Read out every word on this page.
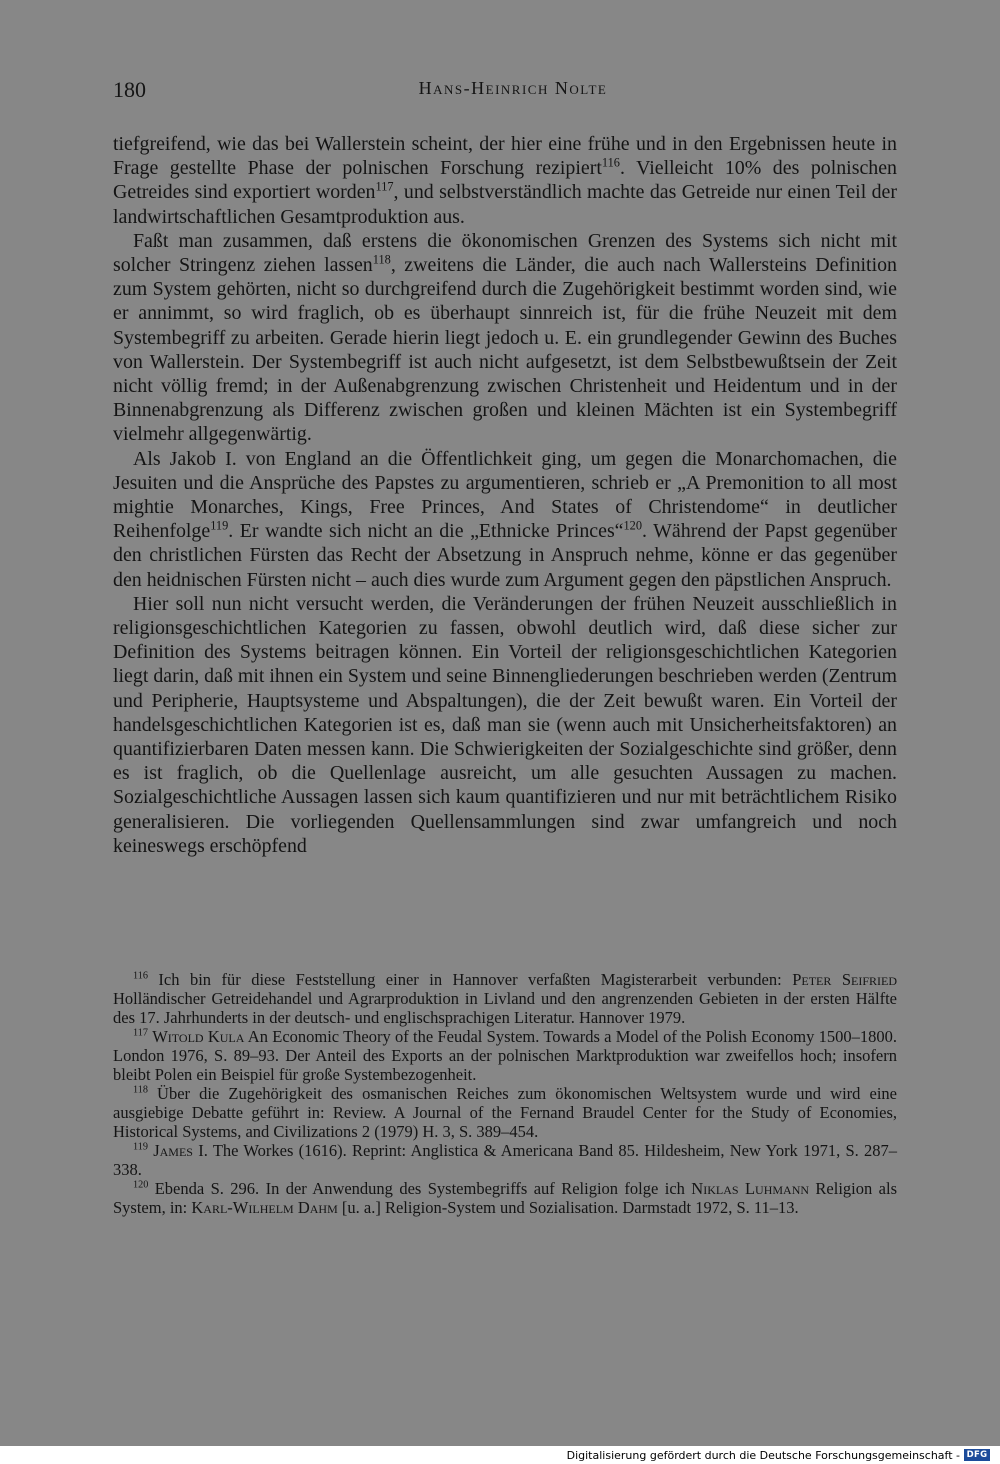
180	Hans-Heinrich Nolte

tiefgreifend, wie das bei Wallerstein scheint, der hier eine frühe und in den Ergebnissen heute in Frage gestellte Phase der polnischen Forschung rezipiert$^{116}$. Vielleicht 10% des polnischen Getreides sind exportiert worden$^{117}$, und selbstverständlich machte das Getreide nur einen Teil der landwirtschaftlichen Gesamtproduktion aus.

Faßt man zusammen, daß erstens die ökonomischen Grenzen des Systems sich nicht mit solcher Stringenz ziehen lassen$^{118}$, zweitens die Länder, die auch nach Wallersteins Definition zum System gehörten, nicht so durchgreifend durch die Zugehörigkeit bestimmt worden sind, wie er annimmt, so wird fraglich, ob es überhaupt sinnreich ist, für die frühe Neuzeit mit dem Systembegriff zu arbeiten. Gerade hierin liegt jedoch u. E. ein grundlegender Gewinn des Buches von Wallerstein. Der Systembegriff ist auch nicht aufgesetzt, ist dem Selbstbewußtsein der Zeit nicht völlig fremd; in der Außenabgrenzung zwischen Christenheit und Heidentum und in der Binnenabgrenzung als Differenz zwischen großen und kleinen Mächten ist ein Systembegriff vielmehr allgegenwärtig.

Als Jakob I. von England an die Öffentlichkeit ging, um gegen die Monarchomachen, die Jesuiten und die Ansprüche des Papstes zu argumentieren, schrieb er „A Premonition to all most mightie Monarches, Kings, Free Princes, And States of Christendome“ in deutlicher Reihenfolge$^{119}$. Er wandte sich nicht an die „Ethnicke Princes“$^{120}$. Während der Papst gegenüber den christlichen Fürsten das Recht der Absetzung in Anspruch nehme, könne er das gegenüber den heidnischen Fürsten nicht – auch dies wurde zum Argument gegen den päpstlichen Anspruch.

Hier soll nun nicht versucht werden, die Veränderungen der frühen Neuzeit ausschließlich in religionsgeschichtlichen Kategorien zu fassen, obwohl deutlich wird, daß diese sicher zur Definition des Systems beitragen können. Ein Vorteil der religionsgeschichtlichen Kategorien liegt darin, daß mit ihnen ein System und seine Binnengliederungen beschrieben werden (Zentrum und Peripherie, Hauptsysteme und Abspaltungen), die der Zeit bewußt waren. Ein Vorteil der handelsgeschichtlichen Kategorien ist es, daß man sie (wenn auch mit Unsicherheitsfaktoren) an quantifizierbaren Daten messen kann. Die Schwierigkeiten der Sozialgeschichte sind größer, denn es ist fraglich, ob die Quellenlage ausreicht, um alle gesuchten Aussagen zu machen. Sozialgeschichtliche Aussagen lassen sich kaum quantifizieren und nur mit beträchtlichem Risiko generalisieren. Die vorliegenden Quellensammlungen sind zwar umfangreich und noch keineswegs erschöpfend

$^{116}$ Ich bin für diese Feststellung einer in Hannover verfaßten Magisterarbeit verbunden: Peter Seifried Holländischer Getreidehandel und Agrarproduktion in Livland und den angrenzenden Gebieten in der ersten Hälfte des 17. Jahrhunderts in der deutsch- und englischsprachigen Literatur. Hannover 1979.

$^{117}$ Witold Kula An Economic Theory of the Feudal System. Towards a Model of the Polish Economy 1500–1800. London 1976, S. 89–93. Der Anteil des Exports an der polnischen Marktproduktion war zweifellos hoch; insofern bleibt Polen ein Beispiel für große Systembezogenheit.

$^{118}$ Über die Zugehörigkeit des osmanischen Reiches zum ökonomischen Weltsystem wurde und wird eine ausgiebige Debatte geführt in: Review. A Journal of the Fernand Braudel Center for the Study of Economies, Historical Systems, and Civilizations 2 (1979) H. 3, S. 389–454.

$^{119}$ James I. The Workes (1616). Reprint: Anglistica & Americana Band 85. Hildesheim, New York 1971, S. 287–338.

$^{120}$ Ebenda S. 296. In der Anwendung des Systembegriffs auf Religion folge ich Niklas Luhmann Religion als System, in: Karl-Wilhelm Dahm [u. a.] Religion-System und Sozialisation. Darmstadt 1972, S. 11–13.

Digitalisierung gefördert durch die Deutsche Forschungsgemeinschaft - DFG
